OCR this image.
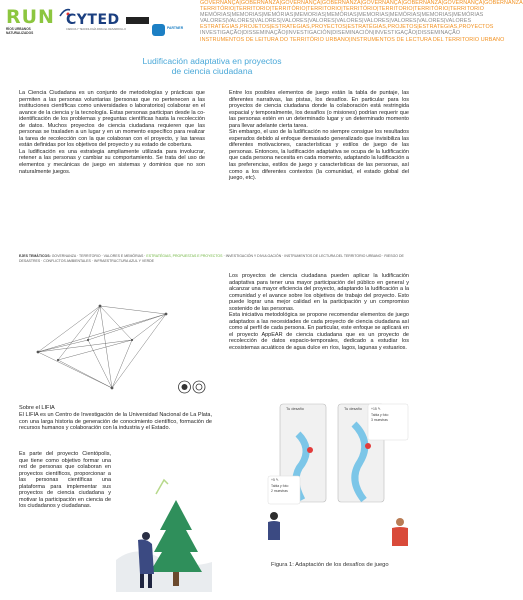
RUN
RÍOS URBANOS NATURALIZADOS
CYTED
CIENCIA Y TECNOLOGÍA PARA EL DESARROLLO	PARTNER
GOVERNANÇA|GOBERNANZA|GOVERNANÇA|GOBERNANZA|GOVERNANÇA|GOBERNANZA|GOVERNANÇA|GOBERNANZA
TERRITÓRIO|TERRITORIO|TERRITÓRIO|TERRITORIO|TERRITÓRIO|TERRITORIO|TERRITÓRIO|TERRITORIO
MEMÓRIAS|MEMORIAS|MEMÓRIAS|MEMORIAS|MEMÓRIAS|MEMORIAS|MEMÓRIAS|MEMORIAS|MEMÓRIAS
VALORES|VALORES|VALORES|VALORES|VALORES|VALORES|VALORES|VALORES|VALORES|VALORES
ESTRATÉGIAS,PROJETOS|ESTRATEGIAS,PROYECTOS|ESTRATÉGIAS,PROJETOS|ESTRATEGIAS,PROYECTOS
INVESTIGAÇÃO|DISSEMINAÇÃO|INVESTIGACIÓN|DISEMINACIÓN|INVESTIGAÇÃO|DISSEMINAÇÃO
INSTRUMENTOS DE LEITURA DO TERRITÓRIO URBANO|INSTRUMENTOS DE LECTURA DEL TERRITORIO URBANO
Ludificación adaptativa en proyectos
de ciencia ciudadana

La Ciencia Ciudadana es un conjunto de metodologías y prácticas que permiten a las personas voluntarias (personas que no pertenecen a las instituciones científicas como universidades o laboratorios) colaborar en el avance de la ciencia y la tecnología. Estas personas participan desde la co-identificación de los problemas y preguntas científicas hasta la recolección de datos. Muchos proyectos de ciencia ciudadana requieren que las personas se trasladen a un lugar y en un momento específico para realizar la tarea de recolección con la que colaboran con el proyecto, y las tareas están definidas por los objetivos del proyecto y su estado de cobertura.

La ludificación es una estrategia ampliamente utilizada para involucrar, retener a las personas y cambiar su comportamiento. Se trata del uso de elementos y mecánicas de juego en sistemas y dominios que no son naturalmente juegos.

Entre los posibles elementos de juego están la tabla de puntaje, las diferentes narrativas, las pistas, los desafíos. En particular para los proyectos de ciencia ciudadana donde la colaboración está restringida espacial y temporalmente, los desafíos (o misiones) podrían requerir que las personas estén en un determinado lugar y un determinado momento para llevar adelante cierta tarea.

Sin embargo, el uso de la ludificación no siempre consigue los resultados esperados debido al enfoque demasiado generalizado que invisibiliza las diferentes motivaciones, características y estilos de juego de las personas. Entonces, la ludificación adaptativa se ocupa de la ludificación que cada persona necesita en cada momento, adaptando la ludificación a las preferencias, estilos de juego y características de las personas, así como a los diferentes contextos (la comunidad, el estado global del juego, etc).

EJES TEMÁTICOS: GOVERNANZA · TERRITORIO · VALORES E MEMÓRIAS · ESTRATÉGIAS, PROPUESTAS E PROYECTOS · INVESTIGACIÓN Y DIVULGACIÓN · INSTRUMENTOS DE LECTURA DEL TERRITORIO URBANO · RIESGO DE DESASTRES · CONFLICTOS AMBIENTALES · INFRAESTRUCTURA AZUL Y VERDE
Sobre el LIFIA

El LIFIA es un Centro de Investigación de la Universidad Nacional de La Plata, con una larga historia de generación de conocimiento científico, formación de recursos humanos y colaboración con la industria y el Estado.

Es parte del proyecto Cientópolis, que tiene como objetivo formar una red de personas que colaboran en proyectos científicos, proporcionar a las personas científicas una plataforma para implementar sus proyectos de ciencia ciudadana y motivar la participación en ciencia de los ciudadanos y ciudadanas.

Los proyectos de ciencia ciudadana pueden aplicar la ludificación adaptativa para tener una mayor participación del público en general y alcanzar una mayor eficiencia del proyecto, adaptando la ludificación a la comunidad y el avance sobre los objetivos de trabajo del proyecto. Esto puede lograr una mejor calidad en la participación y un compromiso sostenido de las personas.

Esta iniciativa metodológica se propone recomendar elementos de juego adaptados a las necesidades de cada proyecto de ciencia ciudadana así como al perfil de cada persona. En particular, este enfoque se aplicará en el proyecto AppEAR de ciencia ciudadana que es un proyecto de recolección de datos espacio-temporales, dedicado a estudiar los ecosistemas acuáticos de agua dulce en ríos, lagos, lagunas y estuarios.

Tu desafío	Tu desafío	+15 ✎
Tabla y foto
3 muestras
+5 ✎
Tabla y foto
2 muestras
Figura 1: Adaptación de los desafíos de juego
